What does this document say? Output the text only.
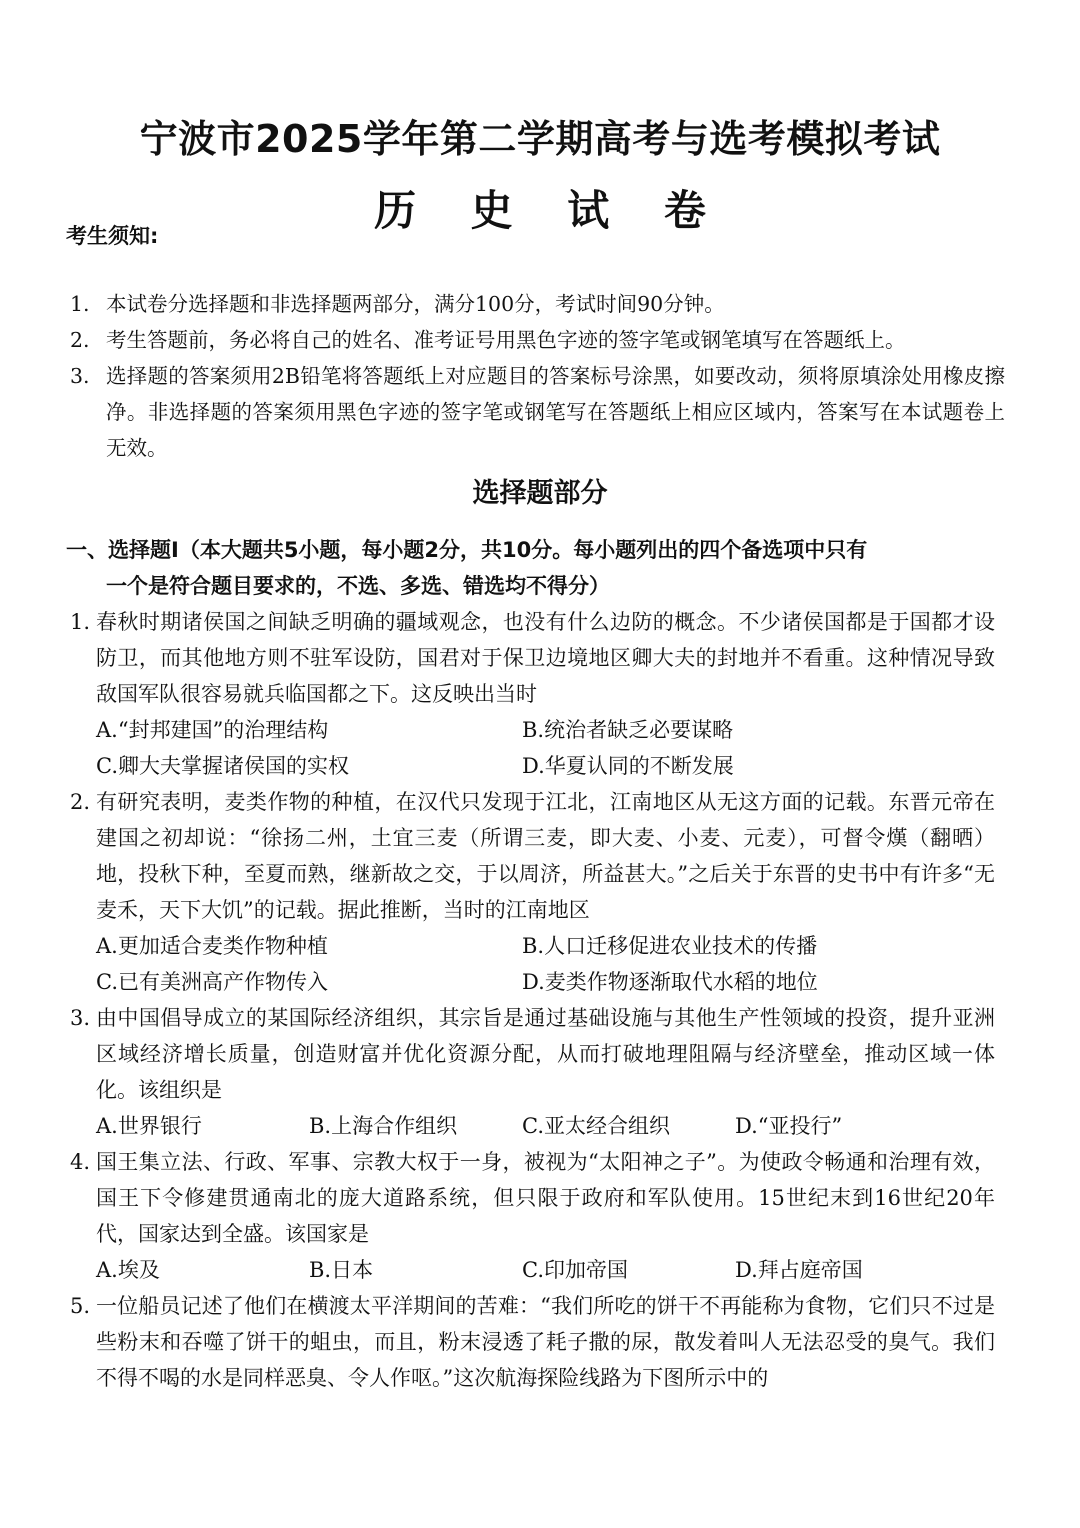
宁波市2025学年第二学期高考与选考模拟考试
历 史 试 卷
考生须知:
1. 本试卷分选择题和非选择题两部分，满分100分，考试时间90分钟。
2. 考生答题前，务必将自己的姓名、准考证号用黑色字迹的签字笔或钢笔填写在答题纸上。
3. 选择题的答案须用2B铅笔将答题纸上对应题目的答案标号涂黑，如要改动，须将原填涂处用橡皮擦净。非选择题的答案须用黑色字迹的签字笔或钢笔写在答题纸上相应区域内，答案写在本试题卷上无效。
选择题部分
一、选择题Ⅰ（本大题共5小题，每小题2分，共10分。每小题列出的四个备选项中只有
一个是符合题目要求的，不选、多选、错选均不得分）
1. 春秋时期诸侯国之间缺乏明确的疆域观念，也没有什么边防的概念。不少诸侯国都是于国都才设防卫，而其他地方则不驻军设防，国君对于保卫边境地区卿大夫的封地并不看重。这种情况导致敌国军队很容易就兵临国都之下。这反映出当时
A.“封邦建国”的治理结构	B.统治者缺乏必要谋略
C.卿大夫掌握诸侯国的实权	D.华夏认同的不断发展
2. 有研究表明，麦类作物的种植，在汉代只发现于江北，江南地区从无这方面的记载。东晋元帝在建国之初却说：“徐扬二州，土宜三麦（所谓三麦，即大麦、小麦、元麦），可督令熯（翻晒）地，投秋下种，至夏而熟，继新故之交，于以周济，所益甚大。”之后关于东晋的史书中有许多“无麦禾，天下大饥”的记载。据此推断，当时的江南地区
A.更加适合麦类作物种植	B.人口迁移促进农业技术的传播
C.已有美洲高产作物传入	D.麦类作物逐渐取代水稻的地位
3. 由中国倡导成立的某国际经济组织，其宗旨是通过基础设施与其他生产性领域的投资，提升亚洲区域经济增长质量，创造财富并优化资源分配，从而打破地理阻隔与经济壁垒，推动区域一体化。该组织是
A.世界银行	B.上海合作组织	C.亚太经合组织	D.“亚投行”
4. 国王集立法、行政、军事、宗教大权于一身，被视为“太阳神之子”。为使政令畅通和治理有效，国王下令修建贯通南北的庞大道路系统，但只限于政府和军队使用。15世纪末到16世纪20年代，国家达到全盛。该国家是
A.埃及	B.日本	C.印加帝国	D.拜占庭帝国
5. 一位船员记述了他们在横渡太平洋期间的苦难：“我们所吃的饼干不再能称为食物，它们只不过是些粉末和吞噬了饼干的蛆虫，而且，粉末浸透了耗子撒的尿，散发着叫人无法忍受的臭气。我们不得不喝的水是同样恶臭、令人作呕。”这次航海探险线路为下图所示中的
